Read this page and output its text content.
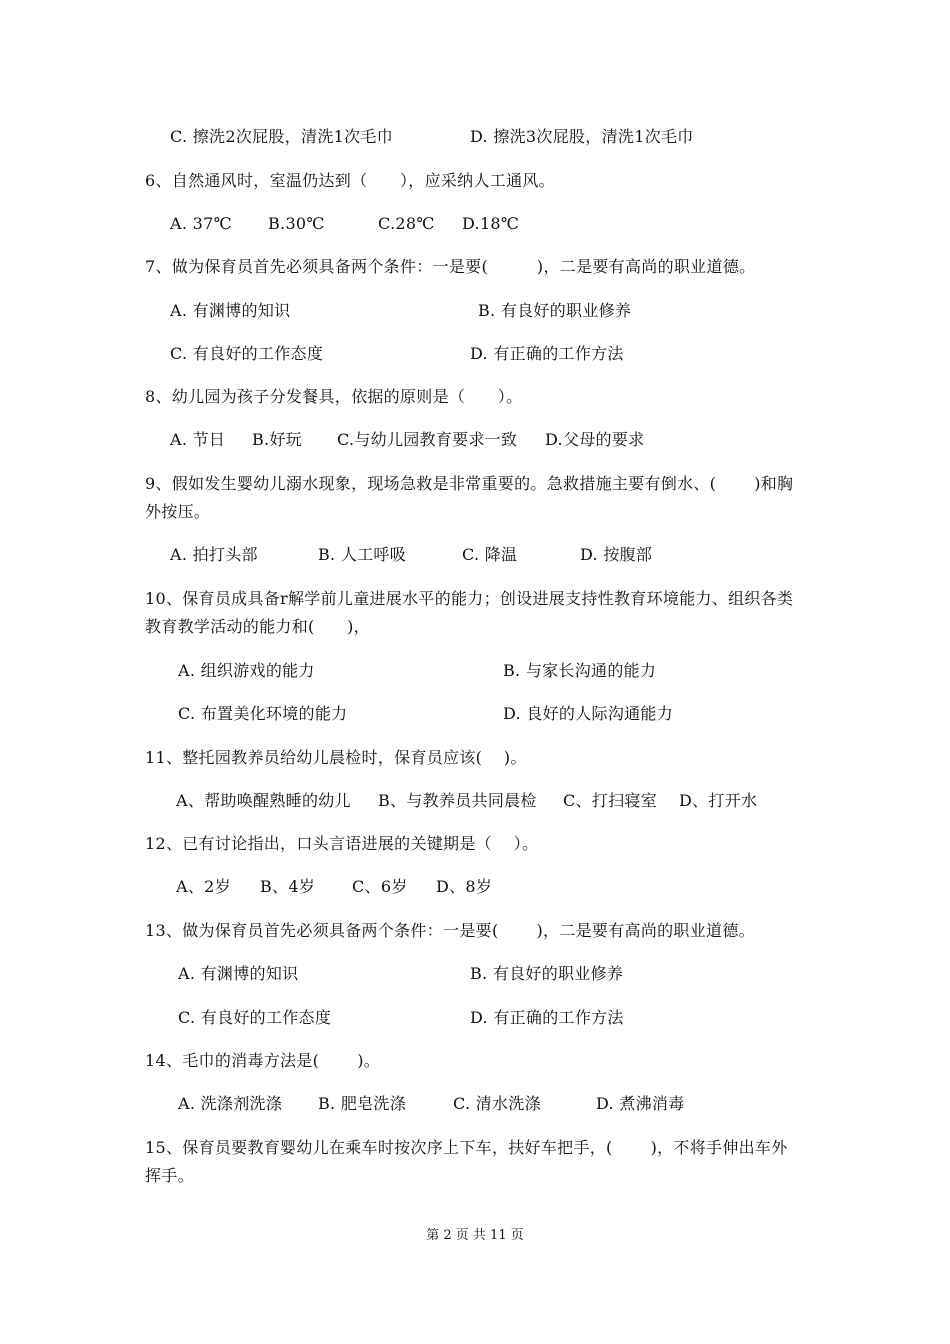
C. 擦洗2次屁股，清洗1次毛巾	D. 擦洗3次屁股，清洗1次毛巾
6、自然通风时，室温仍达到（　　），应采纳人工通风。
A. 37℃ B.30℃	C.28℃ D.18℃
7、做为保育员首先必须具备两个条件：一是要(　　　)，二是要有高尚的职业道德。
A. 有渊博的知识	B. 有良好的职业修养
C. 有良好的工作态度	D. 有正确的工作方法
8、幼儿园为孩子分发餐具，依据的原则是（　　）。
A. 节日 B.好玩 C.与幼儿园教育要求一致 D.父母的要求
9、假如发生婴幼儿溺水现象，现场急救是非常重要的。急救措施主要有倒水、(　　 )和胸
外按压。
A. 拍打头部	B. 人工呼吸	C. 降温	D. 按腹部
10、保育员成具备r解学前儿童进展水平的能力；创设进展支持性教育环境能力、组织各类
教育教学活动的能力和(　　)，
A. 组织游戏的能力	B. 与家长沟通的能力
C. 布置美化环境的能力	D. 良好的人际沟通能力
11、整托园教养员给幼儿晨检时，保育员应该(　 )。
A、帮助唤醒熟睡的幼儿 B、与教养员共同晨检 C、打扫寝室 D、打开水
12、已有讨论指出，口头言语进展的关键期是（　 ）。
A、2岁 B、4岁 C、6岁 D、8岁
13、做为保育员首先必须具备两个条件：一是要(　　 )，二是要有高尚的职业道德。
A. 有渊博的知识	B. 有良好的职业修养
C. 有良好的工作态度	D. 有正确的工作方法
14、毛巾的消毒方法是(　　 )。
A. 洗涤剂洗涤 B. 肥皂洗涤	C. 清水洗涤	D. 煮沸消毒
15、保育员要教育婴幼儿在乘车时按次序上下车，扶好车把手，(　　 )，不将手伸出车外
挥手。
第 2 页 共 11 页
